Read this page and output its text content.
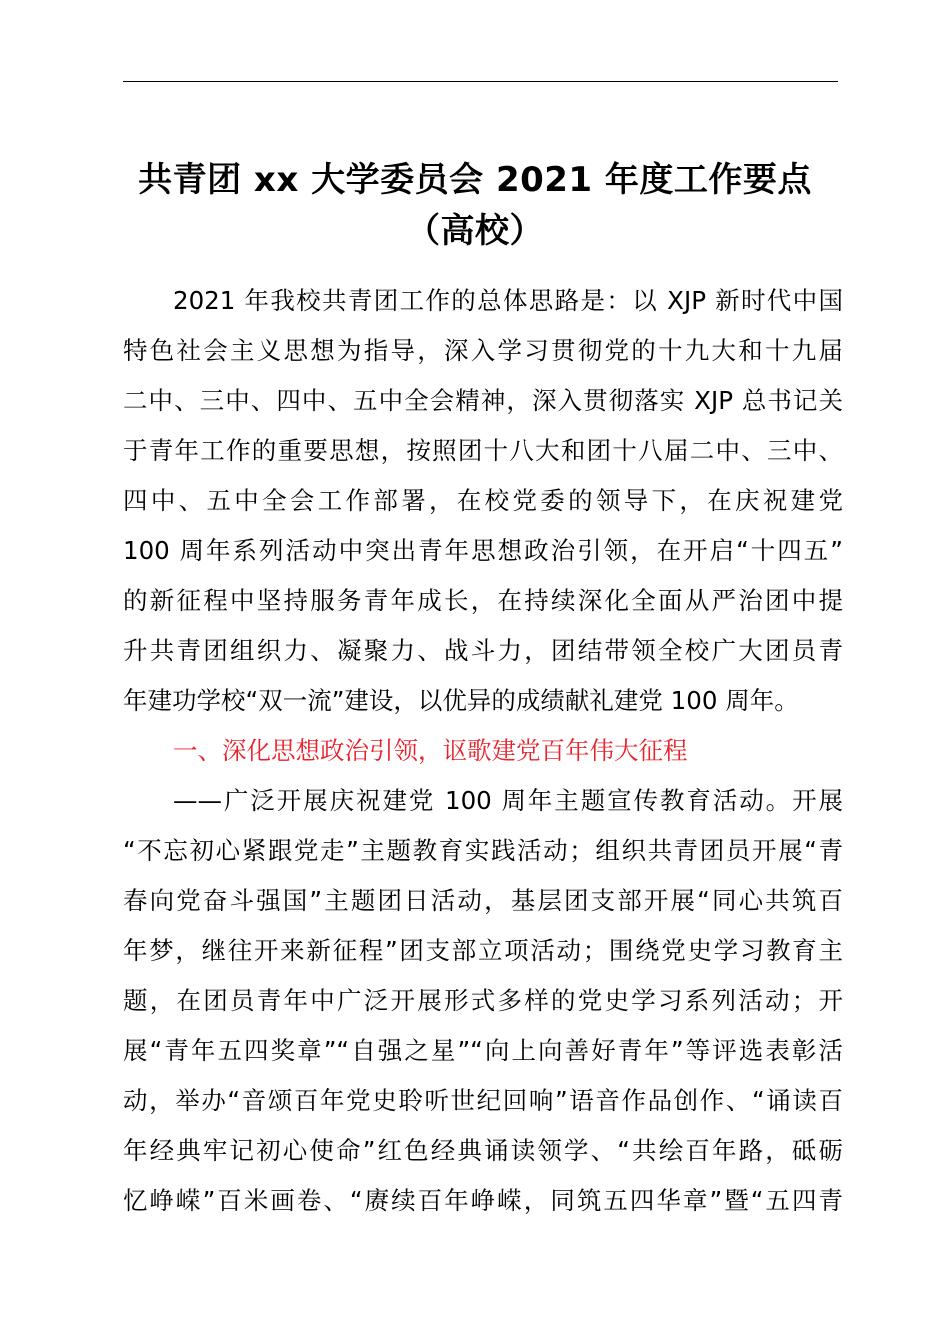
共青团 xx 大学委员会 2021 年度工作要点
（高校）
2021 年我校共青团工作的总体思路是：以 XJP 新时代中国
特色社会主义思想为指导，深入学习贯彻党的十九大和十九届
二中、三中、四中、五中全会精神，深入贯彻落实 XJP 总书记关
于青年工作的重要思想，按照团十八大和团十八届二中、三中、
四中、五中全会工作部署，在校党委的领导下，在庆祝建党
100 周年系列活动中突出青年思想政治引领，在开启“十四五”
的新征程中坚持服务青年成长，在持续深化全面从严治团中提
升共青团组织力、凝聚力、战斗力，团结带领全校广大团员青
年建功学校“双一流”建设，以优异的成绩献礼建党 100 周年。
一、深化思想政治引领，讴歌建党百年伟大征程
——广泛开展庆祝建党 100 周年主题宣传教育活动。开展
“不忘初心紧跟党走”主题教育实践活动；组织共青团员开展“青
春向党奋斗强国”主题团日活动，基层团支部开展“同心共筑百
年梦，继往开来新征程”团支部立项活动；围绕党史学习教育主
题，在团员青年中广泛开展形式多样的党史学习系列活动；开
展“青年五四奖章”“自强之星”“向上向善好青年”等评选表彰活
动，举办“音颂百年党史聆听世纪回响”语音作品创作、“诵读百
年经典牢记初心使命”红色经典诵读领学、“共绘百年路，砥砺
忆峥嵘”百米画卷、“赓续百年峥嵘，同筑五四华章”暨“五四青
